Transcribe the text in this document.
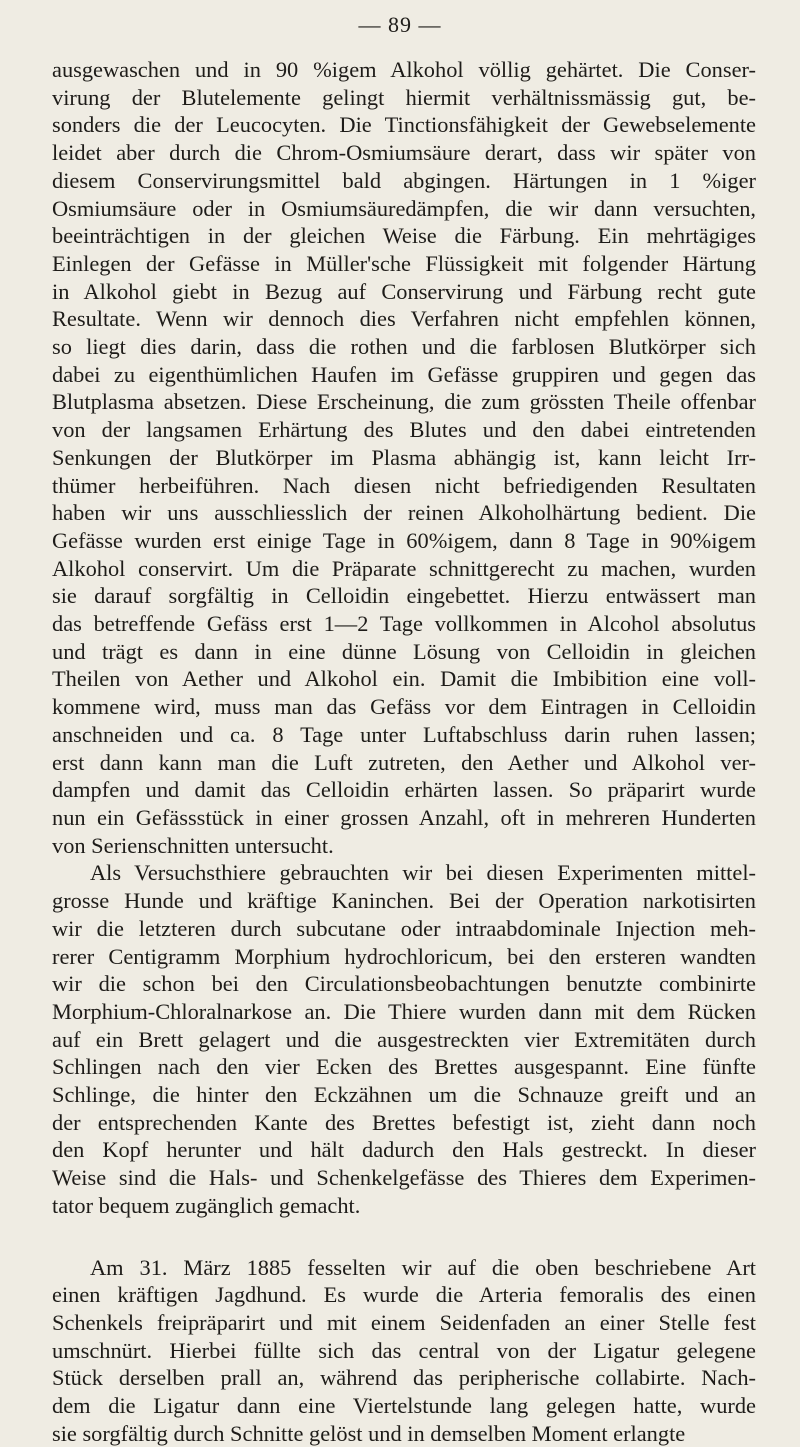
— 89 —
ausgewaschen und in 90 %igem Alkohol völlig gehärtet. Die Conser-
virung der Blutelemente gelingt hiermit verhältnissmässig gut, be-
sonders die der Leucocyten. Die Tinctionsfähigkeit der Gewebselemente
leidet aber durch die Chrom-Osmiumsäure derart, dass wir später von
diesem Conservirungsmittel bald abgingen. Härtungen in 1 %iger
Osmiumsäure oder in Osmiumsäuredämpfen, die wir dann versuchten,
beeinträchtigen in der gleichen Weise die Färbung. Ein mehrtägiges
Einlegen der Gefässe in Müller'sche Flüssigkeit mit folgender Härtung
in Alkohol giebt in Bezug auf Conservirung und Färbung recht gute
Resultate. Wenn wir dennoch dies Verfahren nicht empfehlen können,
so liegt dies darin, dass die rothen und die farblosen Blutkörper sich
dabei zu eigenthümlichen Haufen im Gefässe gruppiren und gegen das
Blutplasma absetzen. Diese Erscheinung, die zum grössten Theile offenbar
von der langsamen Erhärtung des Blutes und den dabei eintretenden
Senkungen der Blutkörper im Plasma abhängig ist, kann leicht Irr-
thümer herbeiführen. Nach diesen nicht befriedigenden Resultaten
haben wir uns ausschliesslich der reinen Alkoholhärtung bedient. Die
Gefässe wurden erst einige Tage in 60%igem, dann 8 Tage in 90%igem
Alkohol conservirt. Um die Präparate schnittgerecht zu machen, wurden
sie darauf sorgfältig in Celloidin eingebettet. Hierzu entwässert man
das betreffende Gefäss erst 1—2 Tage vollkommen in Alcohol absolutus
und trägt es dann in eine dünne Lösung von Celloidin in gleichen
Theilen von Aether und Alkohol ein. Damit die Imbibition eine voll-
kommene wird, muss man das Gefäss vor dem Eintragen in Celloidin
anschneiden und ca. 8 Tage unter Luftabschluss darin ruhen lassen;
erst dann kann man die Luft zutreten, den Aether und Alkohol ver-
dampfen und damit das Celloidin erhärten lassen. So präparirt wurde
nun ein Gefässstück in einer grossen Anzahl, oft in mehreren Hunderten
von Serienschnitten untersucht.
Als Versuchsthiere gebrauchten wir bei diesen Experimenten mittel-
grosse Hunde und kräftige Kaninchen. Bei der Operation narkotisirten
wir die letzteren durch subcutane oder intraabdominale Injection meh-
rerer Centigramm Morphium hydrochloricum, bei den ersteren wandten
wir die schon bei den Circulationsbeobachtungen benutzte combinirte
Morphium-Chloralnarkose an. Die Thiere wurden dann mit dem Rücken
auf ein Brett gelagert und die ausgestreckten vier Extremitäten durch
Schlingen nach den vier Ecken des Brettes ausgespannt. Eine fünfte
Schlinge, die hinter den Eckzähnen um die Schnauze greift und an
der entsprechenden Kante des Brettes befestigt ist, zieht dann noch
den Kopf herunter und hält dadurch den Hals gestreckt. In dieser
Weise sind die Hals- und Schenkelgefässe des Thieres dem Experimen-
tator bequem zugänglich gemacht.
Am 31. März 1885 fesselten wir auf die oben beschriebene Art
einen kräftigen Jagdhund. Es wurde die Arteria femoralis des einen
Schenkels freipräparirt und mit einem Seidenfaden an einer Stelle fest
umschnürt. Hierbei füllte sich das central von der Ligatur gelegene
Stück derselben prall an, während das peripherische collabirte. Nach-
dem die Ligatur dann eine Viertelstunde lang gelegen hatte, wurde
sie sorgfältig durch Schnitte gelöst und in demselben Moment erlangte
